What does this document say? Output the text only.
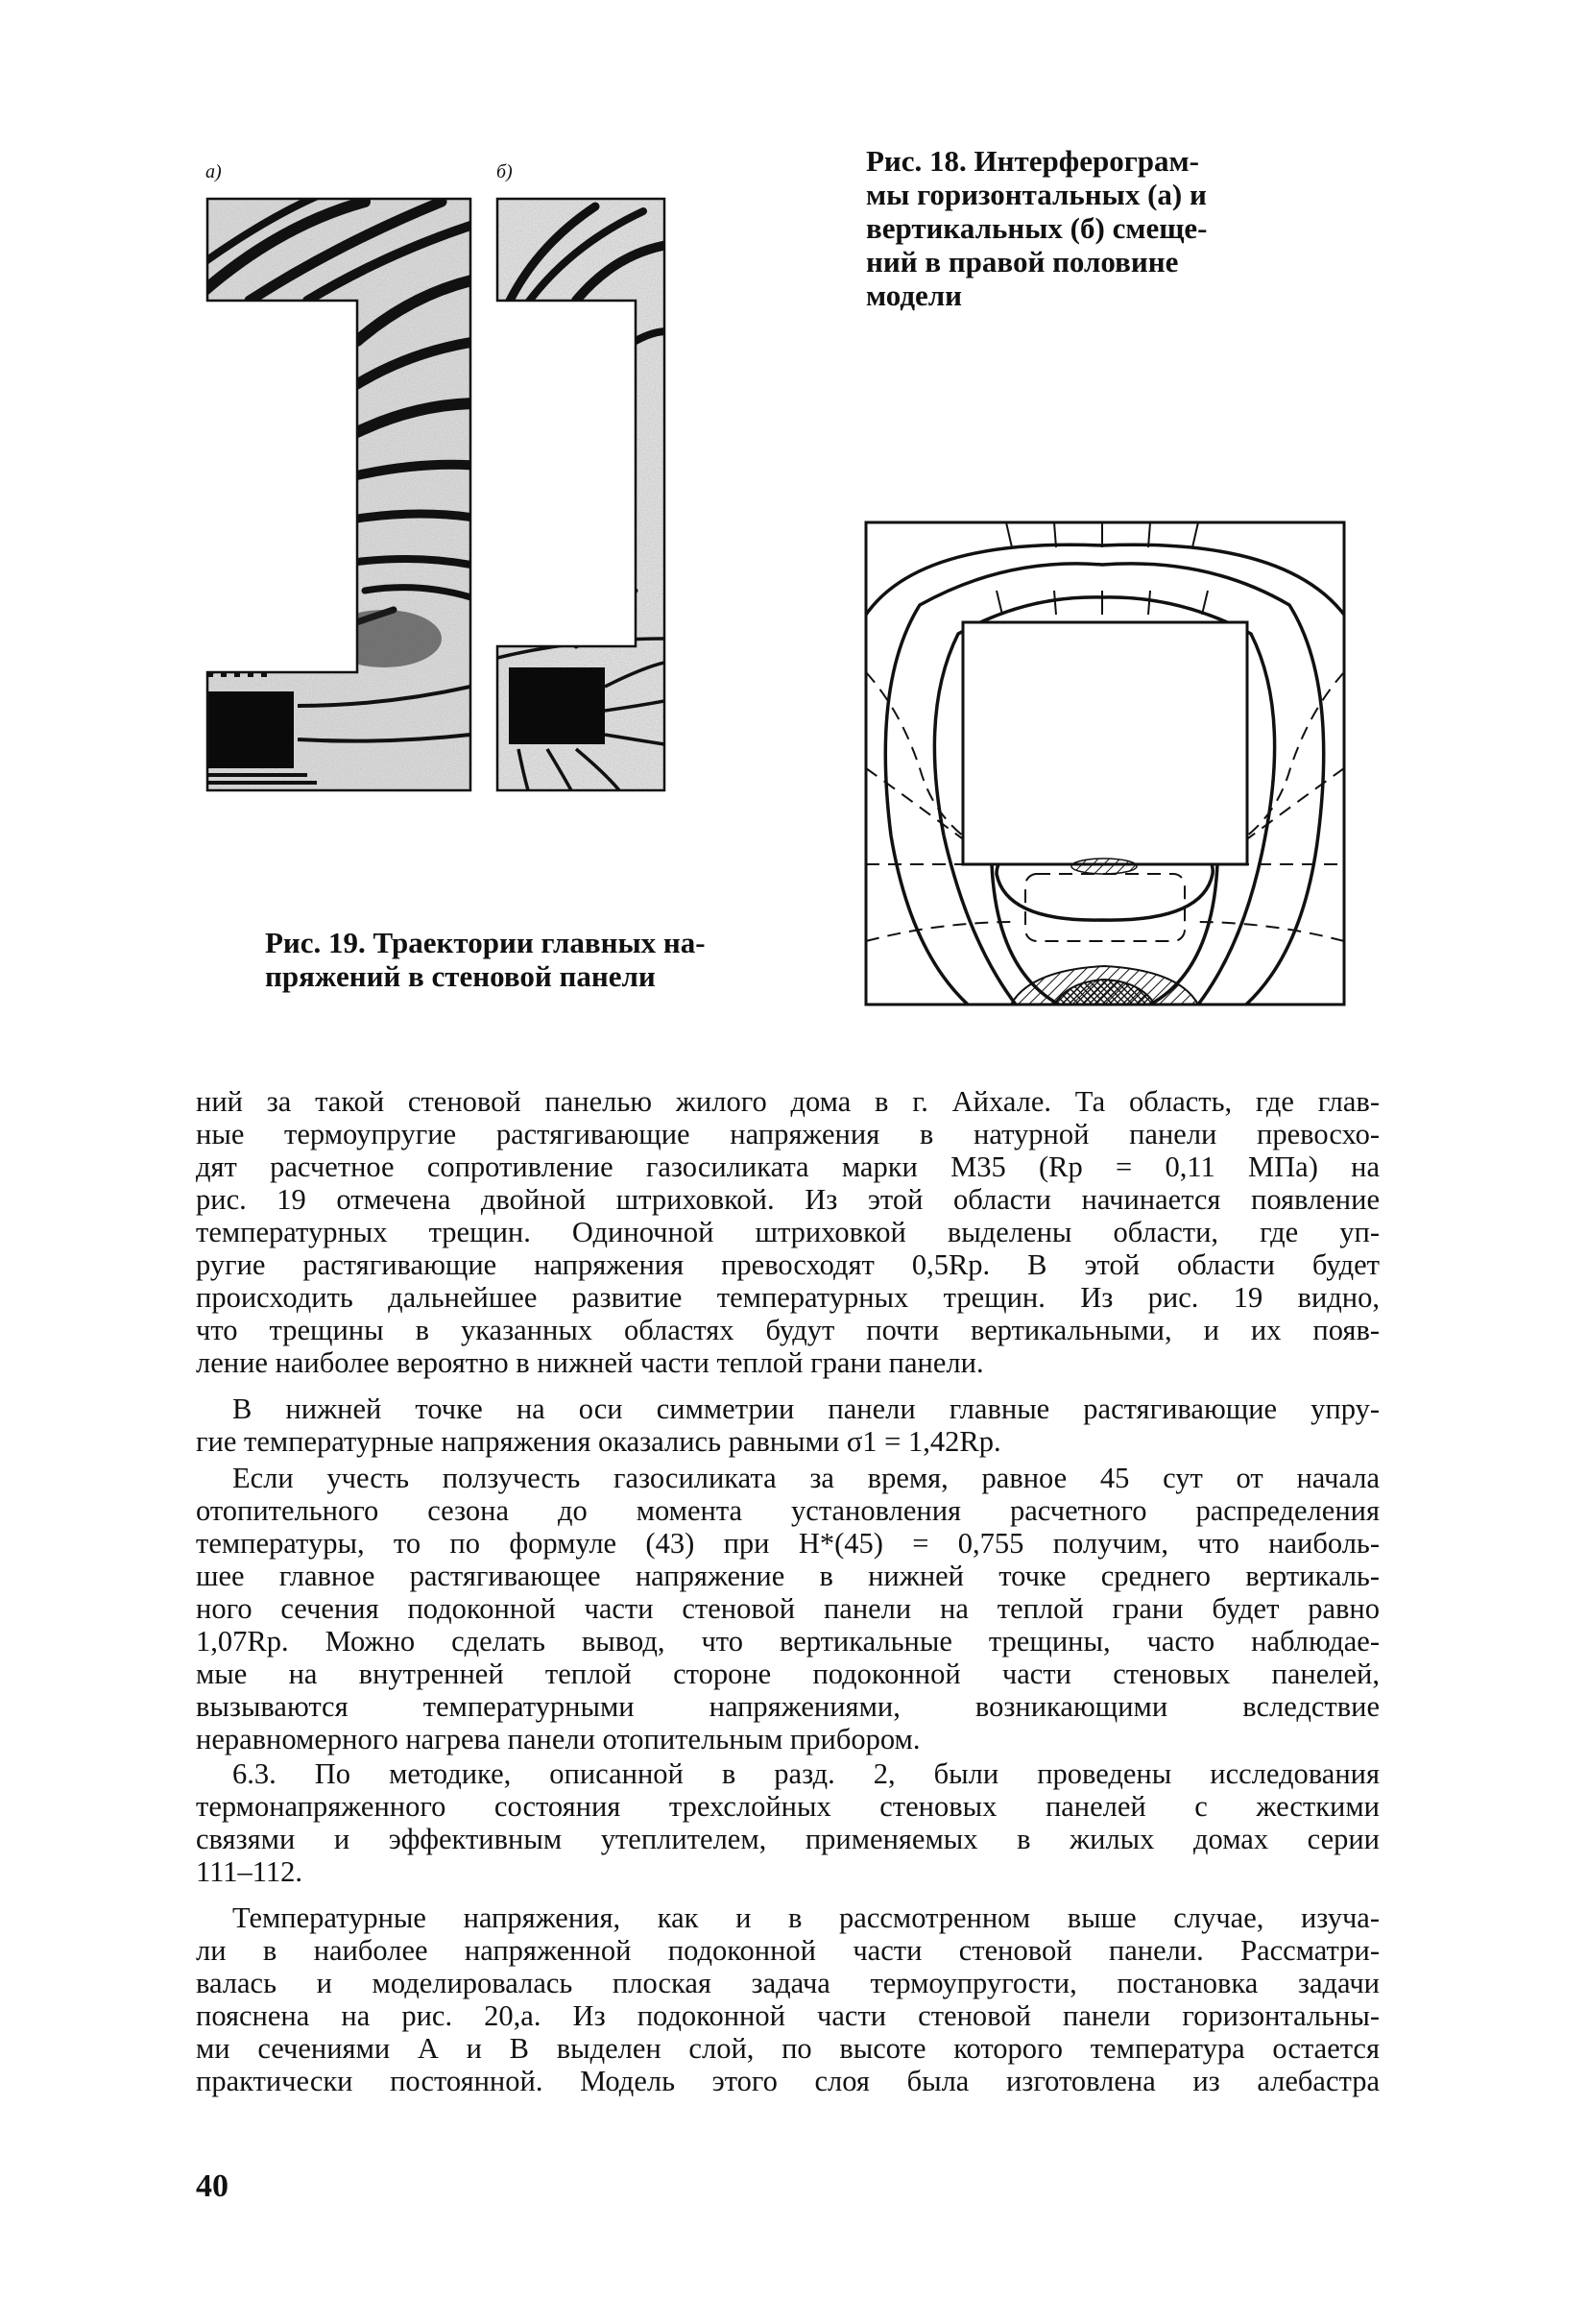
а)	б)	Рис. 18. Интерферограм-

мы горизонтальных (а) и

вертикальных (б) смеще-

ний в правой половине

модели

Рис. 19. Траектории главных на-

пряжений в стеновой панели

ний за такой стеновой панелью жилого дома в г. Айхале. Та область, где глав-
ные термоупругие растягивающие напряжения в натурной панели превосхо-
дят расчетное сопротивление газосиликата марки М35 (Rр = 0,11 МПа) на
рис. 19 отмечена двойной штриховкой. Из этой области начинается появление
температурных трещин. Одиночной штриховкой выделены области, где уп-
ругие растягивающие напряжения превосходят 0,5Rр. В этой области будет
происходить дальнейшее развитие температурных трещин. Из рис. 19 видно,
что трещины в указанных областях будут почти вертикальными, и их появ-
ление наиболее вероятно в нижней части теплой грани панели.
В нижней точке на оси симметрии панели главные растягивающие упру-
гие температурные напряжения оказались равными σ1 = 1,42Rр.
Если учесть ползучесть газосиликата за время, равное 45 сут от начала
отопительного сезона до момента установления расчетного распределения
температуры, то по формуле (43) при H*(45) = 0,755 получим, что наиболь-
шее главное растягивающее напряжение в нижней точке среднего вертикаль-
ного сечения подоконной части стеновой панели на теплой грани будет равно
1,07Rр. Можно сделать вывод, что вертикальные трещины, часто наблюдае-
мые на внутренней теплой стороне подоконной части стеновых панелей,
вызываются температурными напряжениями, возникающими вследствие
неравномерного нагрева панели отопительным прибором.
6.3. По методике, описанной в разд. 2, были проведены исследования
термонапряженного состояния трехслойных стеновых панелей с жесткими
связями и эффективным утеплителем, применяемых в жилых домах серии
111–112.
Температурные напряжения, как и в рассмотренном выше случае, изуча-
ли в наиболее напряженной подоконной части стеновой панели. Рассматри-
валась и моделировалась плоская задача термоупругости, постановка задачи
пояснена на рис. 20,а. Из подоконной части стеновой панели горизонтальны-
ми сечениями А и В выделен слой, по высоте которого температура остается
практически постоянной. Модель этого слоя была изготовлена из алебастра
40
